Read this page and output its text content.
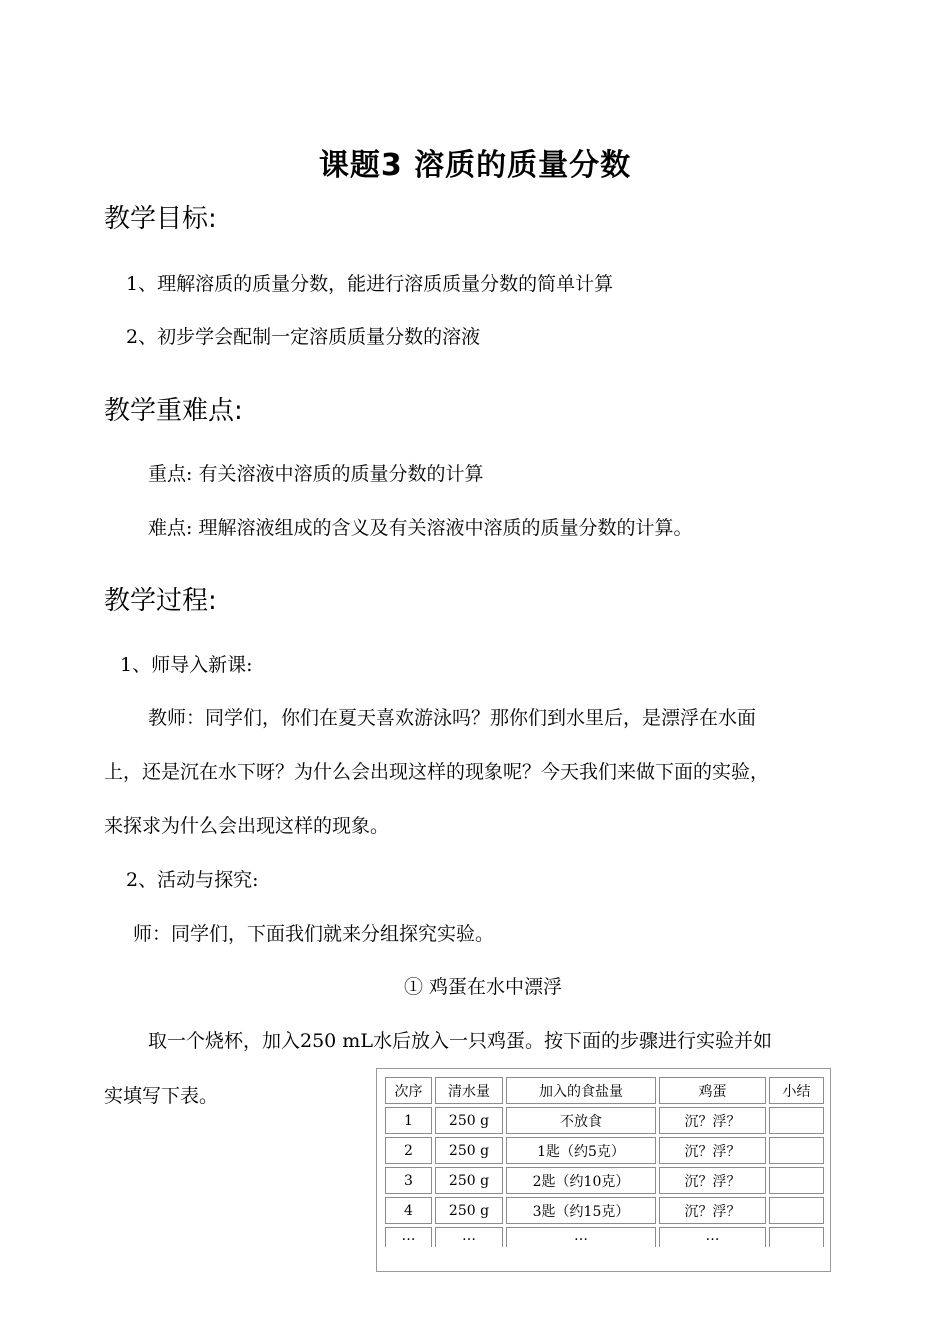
课题3 溶质的质量分数
教学目标:
1、理解溶质的质量分数，能进行溶质质量分数的简单计算
2、初步学会配制一定溶质质量分数的溶液
教学重难点:
重点: 有关溶液中溶质的质量分数的计算
难点: 理解溶液组成的含义及有关溶液中溶质的质量分数的计算。
教学过程:
1、师导入新课:
教师：同学们，你们在夏天喜欢游泳吗？那你们到水里后，是漂浮在水面
上，还是沉在水下呀？为什么会出现这样的现象呢？今天我们来做下面的实验，
来探求为什么会出现这样的现象。
2、活动与探究:
师：同学们，下面我们就来分组探究实验。
① 鸡蛋在水中漂浮
取一个烧杯，加入250 mL水后放入一只鸡蛋。按下面的步骤进行实验并如
实填写下表。	次序	清水量	加入的食盐量	鸡蛋	小结
1	250 g	不放食	沉？浮？	
2	250 g	1匙（约5克）	沉？浮？	
3	250 g	2匙（约10克）	沉？浮？	
4	250 g	3匙（约15克）	沉？浮？	
…	…	…	…	
